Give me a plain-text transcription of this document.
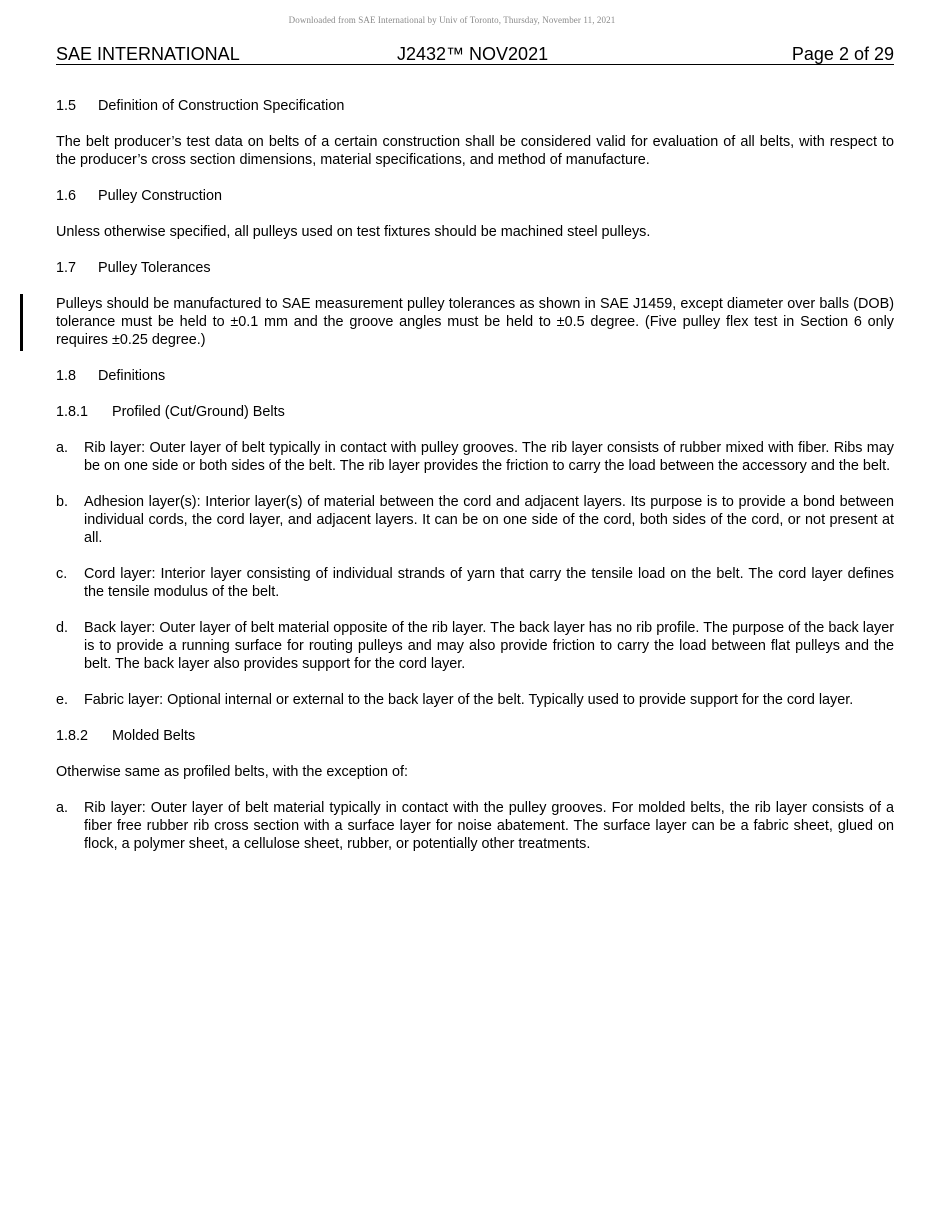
Downloaded from SAE International by Univ of Toronto, Thursday, November 11, 2021
SAE INTERNATIONAL	J2432™ NOV2021	Page 2 of 29
1.5 Definition of Construction Specification

The belt producer’s test data on belts of a certain construction shall be considered valid for evaluation of all belts, with respect to the producer’s cross section dimensions, material specifications, and method of manufacture.

1.6 Pulley Construction

Unless otherwise specified, all pulleys used on test fixtures should be machined steel pulleys.

1.7 Pulley Tolerances

Pulleys should be manufactured to SAE measurement pulley tolerances as shown in SAE J1459, except diameter over balls (DOB) tolerance must be held to ±0.1 mm and the groove angles must be held to ±0.5 degree. (Five pulley flex test in Section 6 only requires ±0.25 degree.)

1.8 Definitions
1.8.1 Profiled (Cut/Ground) Belts
a. Rib layer: Outer layer of belt typically in contact with pulley grooves. The rib layer consists of rubber mixed with fiber. Ribs may be on one side or both sides of the belt. The rib layer provides the friction to carry the load between the accessory and the belt.
b. Adhesion layer(s): Interior layer(s) of material between the cord and adjacent layers. Its purpose is to provide a bond between individual cords, the cord layer, and adjacent layers. It can be on one side of the cord, both sides of the cord, or not present at all.
c. Cord layer: Interior layer consisting of individual strands of yarn that carry the tensile load on the belt. The cord layer defines the tensile modulus of the belt.
d. Back layer: Outer layer of belt material opposite of the rib layer. The back layer has no rib profile. The purpose of the back layer is to provide a running surface for routing pulleys and may also provide friction to carry the load between flat pulleys and the belt. The back layer also provides support for the cord layer.
e. Fabric layer: Optional internal or external to the back layer of the belt. Typically used to provide support for the cord layer.
1.8.2 Molded Belts

Otherwise same as profiled belts, with the exception of:

a. Rib layer: Outer layer of belt material typically in contact with the pulley grooves. For molded belts, the rib layer consists of a fiber free rubber rib cross section with a surface layer for noise abatement. The surface layer can be a fabric sheet, glued on flock, a polymer sheet, a cellulose sheet, rubber, or potentially other treatments.
